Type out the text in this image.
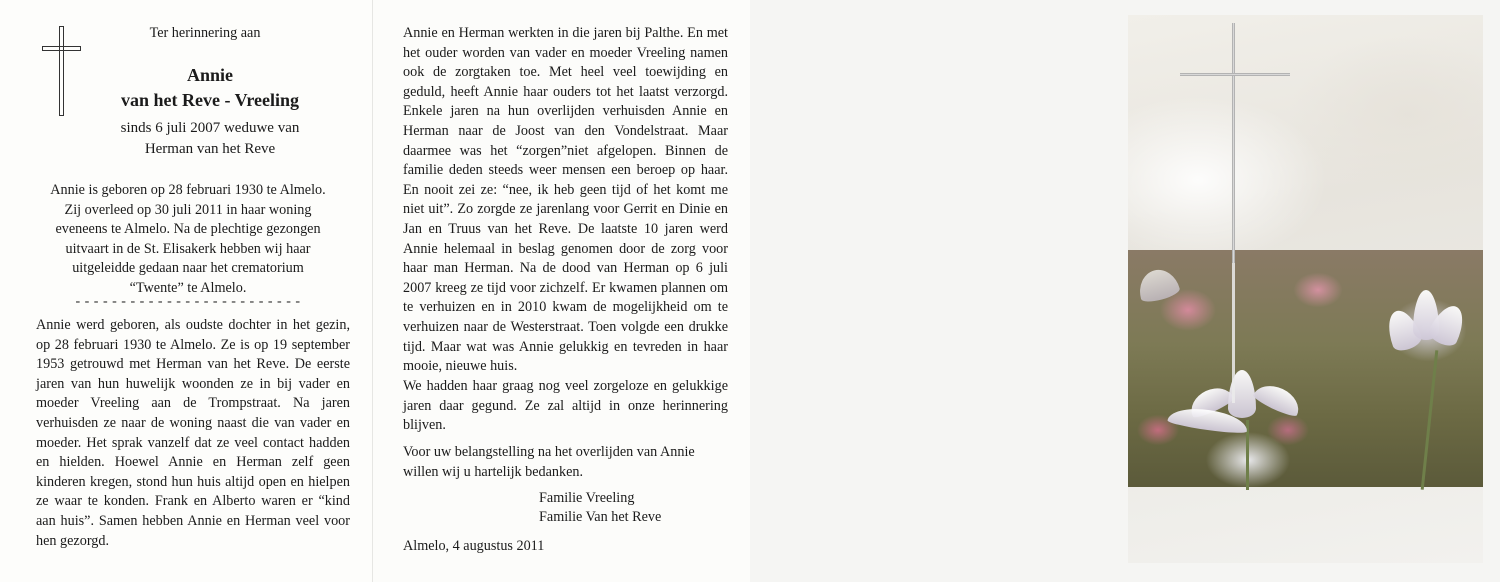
Ter herinnering aan
Annie
van het Reve - Vreeling
sinds 6 juli 2007 weduwe van
Herman van het Reve
Annie is geboren op 28 februari 1930 te Almelo.
Zij overleed op 30 juli 2011 in haar woning
eveneens te Almelo. Na de plechtige gezongen
uitvaart in de St. Elisakerk hebben wij haar
uitgeleidde gedaan naar het crematorium
“Twente” te Almelo.
- - - - - - - - - - - - - - - - - - - - - - - - -
Annie werd geboren, als oudste dochter in het gezin, op 28 februari 1930 te Almelo. Ze is op 19 september 1953 getrouwd met Herman van het Reve. De eerste jaren van hun huwelijk woonden ze in bij vader en moeder Vreeling aan de Trompstraat. Na jaren verhuisden ze naar de woning naast die van vader en moeder. Het sprak vanzelf dat ze veel contact hadden en hielden. Hoewel Annie en Herman zelf geen kinderen kregen, stond hun huis altijd open en hielpen ze waar te konden. Frank en Alberto waren er “kind aan huis”. Samen hebben Annie en Herman veel voor hen gezorgd.
Annie en Herman werkten in die jaren bij Palthe. En met het ouder worden van vader en moeder Vreeling namen ook de zorgtaken toe. Met heel veel toewijding en geduld, heeft Annie haar ouders tot het laatst verzorgd. Enkele jaren na hun overlijden verhuisden Annie en Herman naar de Joost van den Vondelstraat. Maar daarmee was het “zorgen”niet afgelopen. Binnen de familie deden steeds weer mensen een beroep op haar. En nooit zei ze: “nee, ik heb geen tijd of het komt me niet uit”. Zo zorgde ze jarenlang voor Gerrit en Dinie en Jan en Truus van het Reve. De laatste 10 jaren werd Annie helemaal in beslag genomen door de zorg voor haar man Herman. Na de dood van Herman op 6 juli 2007 kreeg ze tijd voor zichzelf. Er kwamen plannen om te verhuizen en in 2010 kwam de mogelijkheid om te verhuizen naar de Westerstraat. Toen volgde een drukke tijd. Maar wat was Annie gelukkig en tevreden in haar mooie, nieuwe huis.
We hadden haar graag nog veel zorgeloze en gelukkige jaren daar gegund. Ze zal altijd in onze herinnering blijven.
Voor uw belangstelling na het overlijden van Annie willen wij u hartelijk bedanken.
Familie Vreeling
Familie Van het Reve
Almelo, 4 augustus 2011
